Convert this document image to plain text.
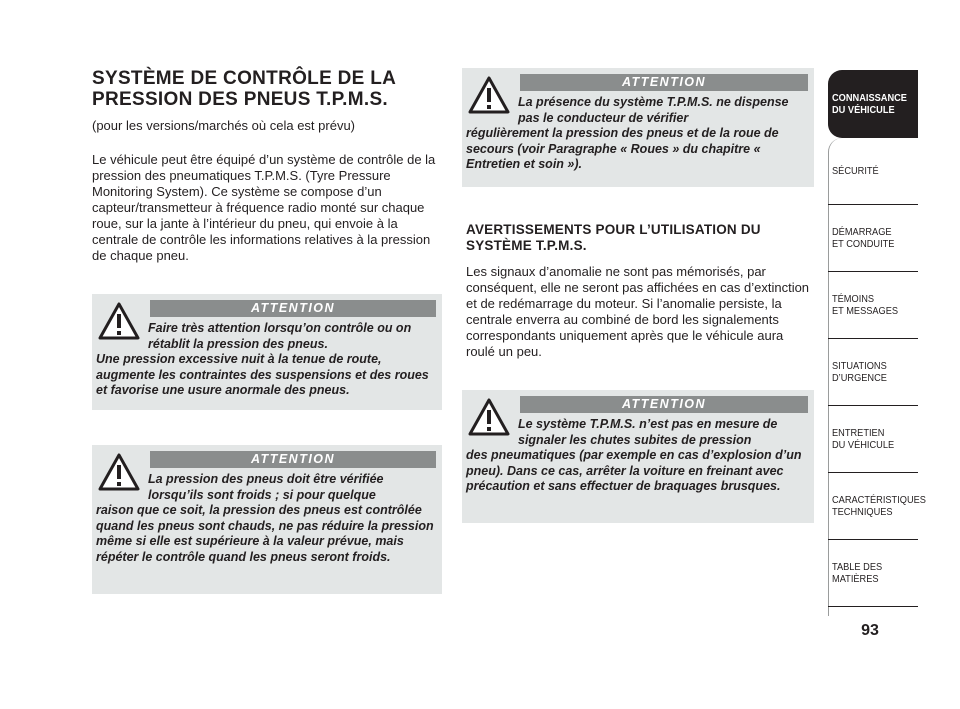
SYSTÈME DE CONTRÔLE DE LA PRESSION DES PNEUS T.P.M.S.
(pour les versions/marchés où cela est prévu)

Le véhicule peut être équipé d’un système de contrôle de la pression des pneumatiques T.P.M.S. (Tyre Pressure Monitoring System). Ce système se compose d’un capteur/transmetteur à fréquence radio monté sur chaque roue, sur la jante à l’intérieur du pneu, qui envoie à la centrale de contrôle les informations relatives à la pression de chaque pneu.

ATTENTION
Faire très attention lorsqu’on contrôle ou on rétablit la pression des pneus.
Une pression excessive nuit à la tenue de route, augmente les contraintes des suspensions et des roues et favorise une usure anormale des pneus.
ATTENTION
La pression des pneus doit être vérifiée lorsqu’ils sont froids ; si pour quelque
raison que ce soit, la pression des pneus est contrôlée quand les pneus sont chauds, ne pas réduire la pression même si elle est supérieure à la valeur prévue, mais répéter le contrôle quand les pneus seront froids.
ATTENTION
La présence du système T.P.M.S. ne dispense pas le conducteur de vérifier
régulièrement la pression des pneus et de la roue de secours (voir Paragraphe « Roues » du chapitre « Entretien et soin »).
AVERTISSEMENTS POUR L’UTILISATION DU SYSTÈME T.P.M.S.

Les signaux d’anomalie ne sont pas mémorisés, par conséquent, elle ne seront pas affichées en cas d’extinction et de redémarrage du moteur. Si l’anomalie persiste, la centrale enverra au combiné de bord les signalements correspondants uniquement après que le véhicule aura roulé un peu.

ATTENTION
Le système T.P.M.S. n’est pas en mesure de signaler les chutes subites de pression
des pneumatiques (par exemple en cas d’explosion d’un pneu). Dans ce cas, arrêter la voiture en freinant avec précaution et sans effectuer de braquages brusques.
CONNAISSANCE
DU VÉHICULE
SÉCURITÉ
DÉMARRAGE
ET CONDUITE
TÉMOINS
ET MESSAGES
SITUATIONS
D’URGENCE
ENTRETIEN
DU VÉHICULE
CARACTÉRISTIQUES
TECHNIQUES
TABLE DES
MATIÈRES
93
